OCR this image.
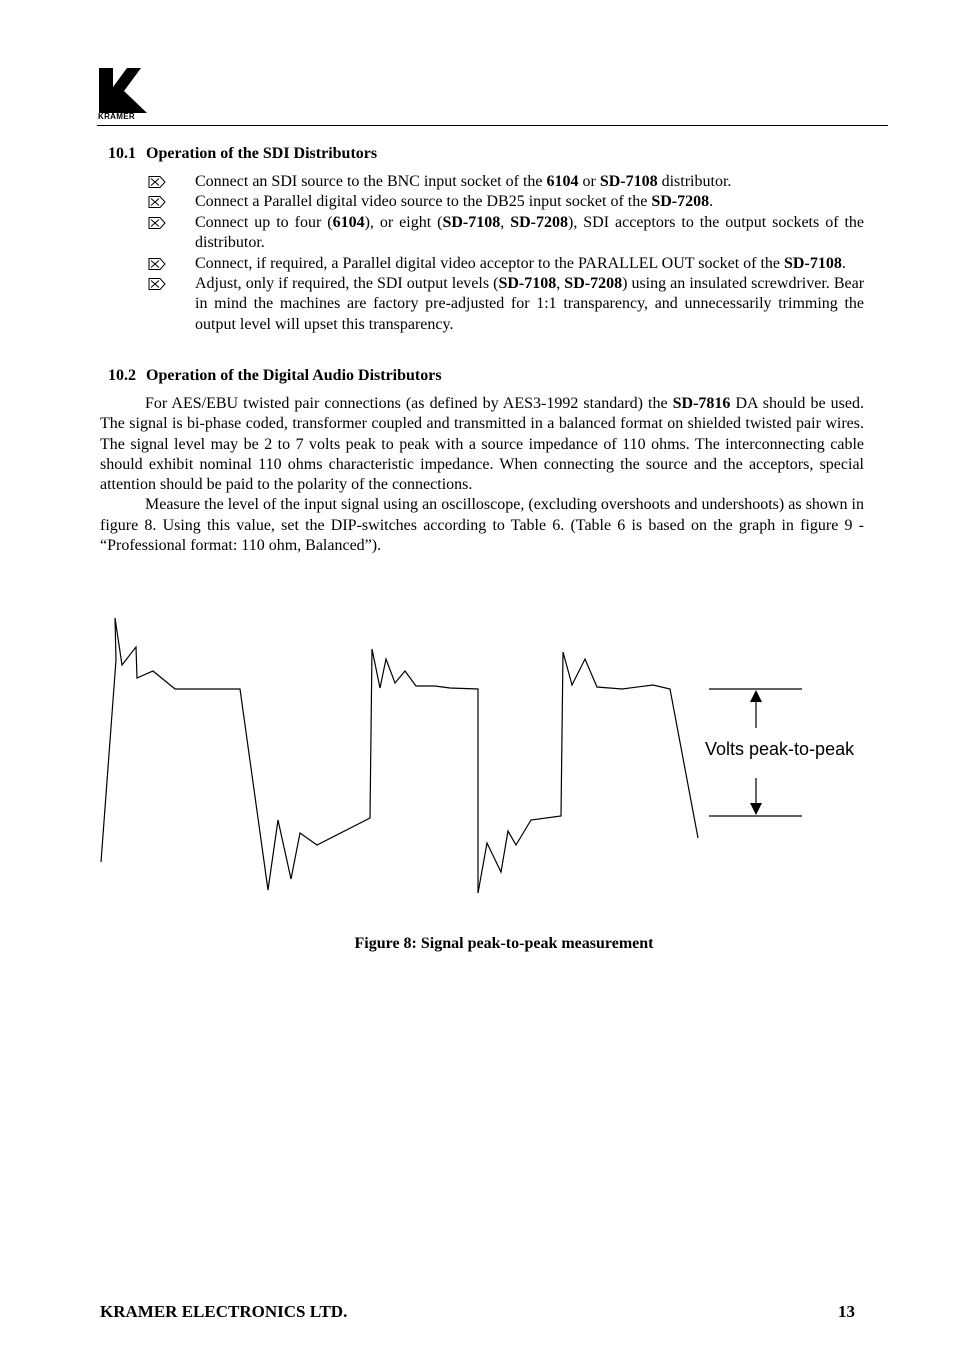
KRAMER
10.1 Operation of the SDI Distributors
Connect an SDI source to the BNC input socket of the 6104 or SD-7108 distributor.
Connect a Parallel digital video source to the DB25 input socket of the SD-7208.
Connect up to four (6104), or eight (SD-7108, SD-7208), SDI acceptors to the output sockets of the distributor.
Connect, if required, a Parallel digital video acceptor to the PARALLEL OUT socket of the SD-7108.
Adjust, only if required, the SDI output levels (SD-7108, SD-7208) using an insulated screwdriver. Bear in mind the machines are factory pre-adjusted for 1:1 transparency, and unnecessarily trimming the output level will upset this transparency.
10.2 Operation of the Digital Audio Distributors

For AES/EBU twisted pair connections (as defined by AES3-1992 standard) the SD-7816 DA should be used. The signal is bi-phase coded, transformer coupled and transmitted in a balanced format on shielded twisted pair wires. The signal level may be 2 to 7 volts peak to peak with a source impedance of 110 ohms. The interconnecting cable should exhibit nominal 110 ohms characteristic impedance. When connecting the source and the acceptors, special attention should be paid to the polarity of the connections.

Measure the level of the input signal using an oscilloscope, (excluding overshoots and undershoots) as shown in figure 8. Using this value, set the DIP-switches according to Table 6. (Table 6 is based on the graph in figure 9 - “Professional format: 110 ohm, Balanced”).

Volts peak-to-peak
Figure 8: Signal peak-to-peak measurement
KRAMER ELECTRONICS LTD.	13
